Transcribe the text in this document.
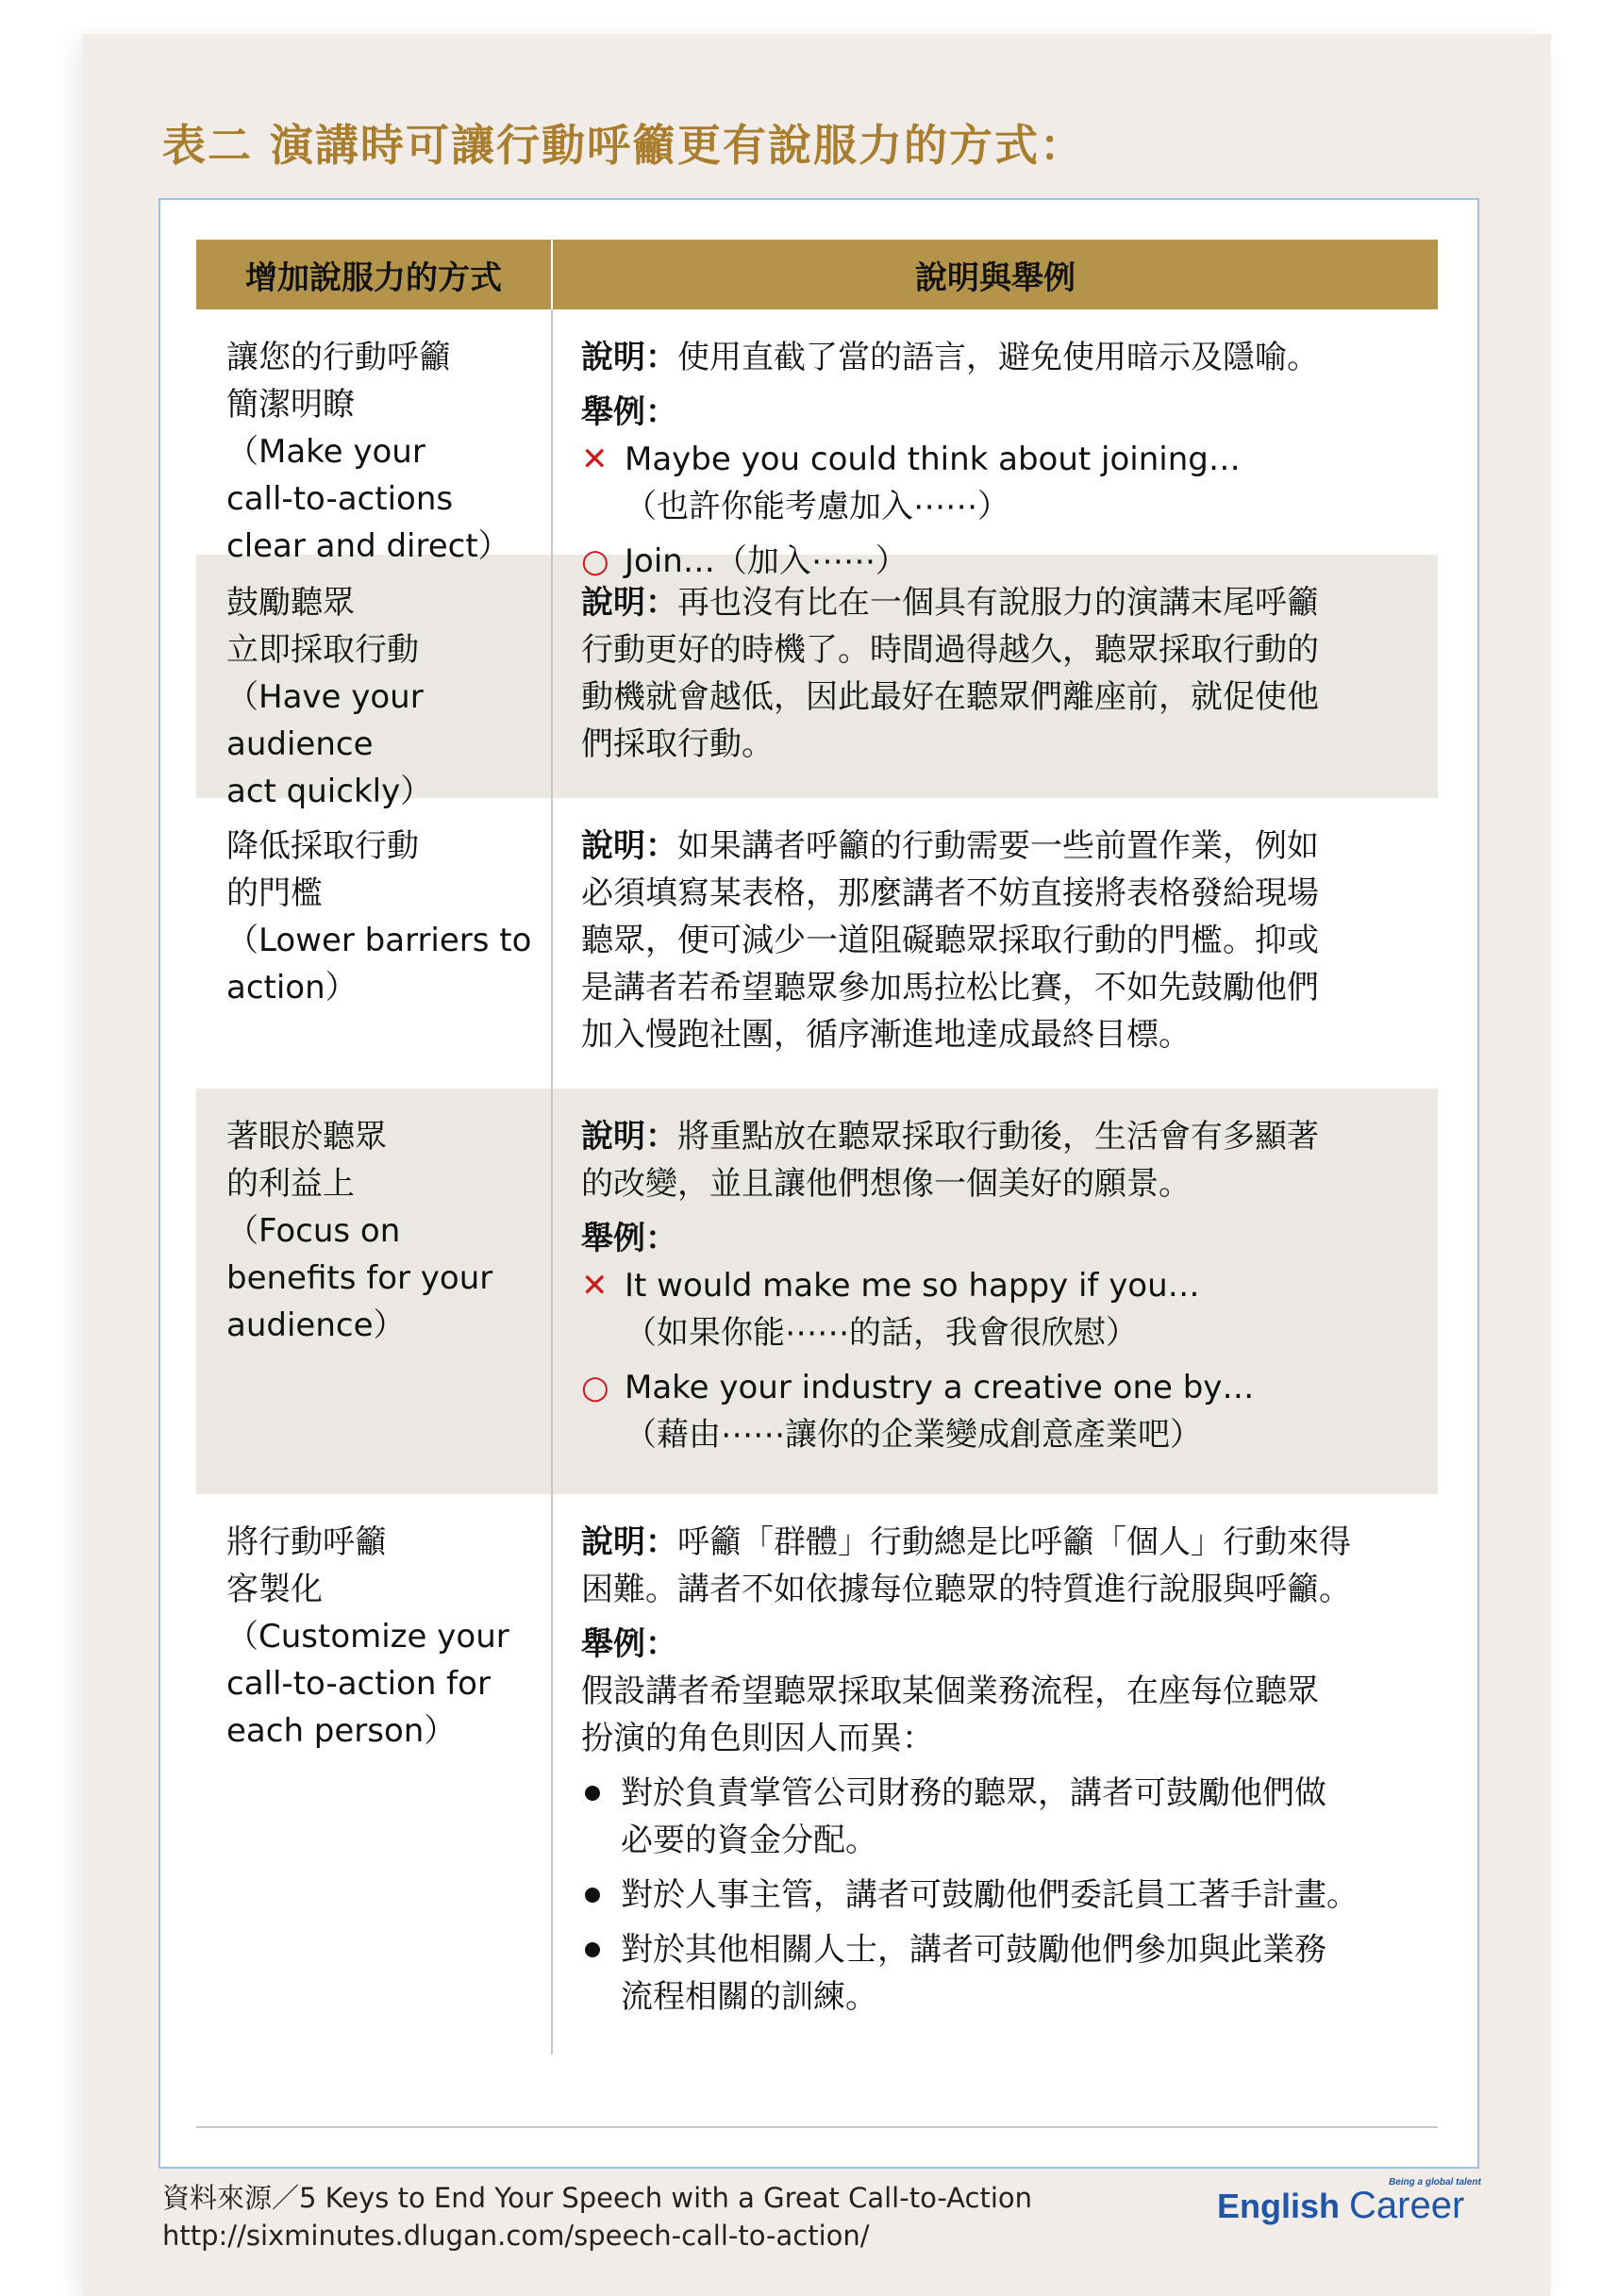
表二 演講時可讓行動呼籲更有說服力的方式：
增加說服力的方式	說明與舉例
讓您的行動呼籲
簡潔明瞭
（Make your
call-to-actions
clear and direct）
說明：使用直截了當的語言，避免使用暗示及隱喻。
舉例：
✕ Maybe you could think about joining…
（也許你能考慮加入⋯⋯）
○ Join…（加入⋯⋯）
鼓勵聽眾
立即採取行動
（Have your audience
act quickly）
說明：再也沒有比在一個具有說服力的演講末尾呼籲
行動更好的時機了。時間過得越久，聽眾採取行動的
動機就會越低，因此最好在聽眾們離座前，就促使他
們採取行動。
降低採取行動
的門檻
（Lower barriers to
action）
說明：如果講者呼籲的行動需要一些前置作業，例如
必須填寫某表格，那麼講者不妨直接將表格發給現場
聽眾，便可減少一道阻礙聽眾採取行動的門檻。抑或
是講者若希望聽眾參加馬拉松比賽，不如先鼓勵他們
加入慢跑社團，循序漸進地達成最終目標。
著眼於聽眾
的利益上
（Focus on
benefits for your
audience）
說明：將重點放在聽眾採取行動後，生活會有多顯著
的改變，並且讓他們想像一個美好的願景。
舉例：
✕ It would make me so happy if you…
（如果你能⋯⋯的話，我會很欣慰）
○ Make your industry a creative one by…
（藉由⋯⋯讓你的企業變成創意產業吧）
將行動呼籲
客製化
（Customize your
call-to-action for
each person）
說明：呼籲「群體」行動總是比呼籲「個人」行動來得
困難。講者不如依據每位聽眾的特質進行說服與呼籲。
舉例：
假設講者希望聽眾採取某個業務流程，在座每位聽眾
扮演的角色則因人而異：
對於負責掌管公司財務的聽眾，講者可鼓勵他們做
必要的資金分配。
對於人事主管，講者可鼓勵他們委託員工著手計畫。
對於其他相關人士，講者可鼓勵他們參加與此業務
流程相關的訓練。
資料來源／5 Keys to End Your Speech with a Great Call-to-Action
http://sixminutes.dlugan.com/speech-call-to-action/
Being a global talent
English Career
